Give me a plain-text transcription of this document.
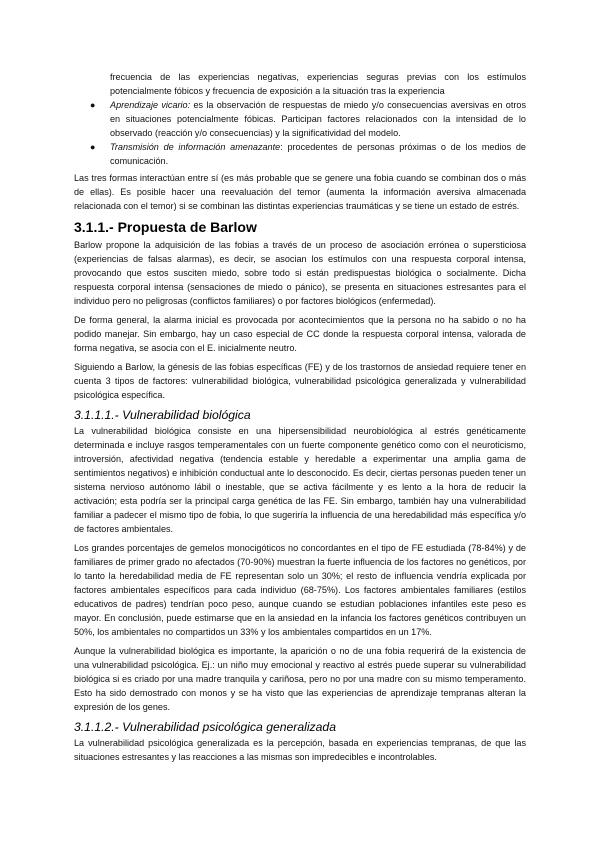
frecuencia de las experiencias negativas, experiencias seguras previas con los estímulos potencialmente fóbicos y frecuencia de exposición a la situación tras la experiencia

● Aprendizaje vicario: es la observación de respuestas de miedo y/o consecuencias aversivas en otros en situaciones potencialmente fóbicas. Participan factores relacionados con la intensidad de lo observado (reacción y/o consecuencias) y la significatividad del modelo.
● Transmisión de información amenazante: procedentes de personas próximas o de los medios de comunicación.

Las tres formas interactúan entre sí (es más probable que se genere una fobia cuando se combinan dos o más de ellas). Es posible hacer una reevaluación del temor (aumenta la información aversiva almacenada relacionada con el temor) si se combinan las distintas experiencias traumáticas y se tiene un estado de estrés.

3.1.1.- Propuesta de Barlow

Barlow propone la adquisición de las fobias a través de un proceso de asociación errónea o supersticiosa (experiencias de falsas alarmas), es decir, se asocian los estímulos con una respuesta corporal intensa, provocando que estos susciten miedo, sobre todo si están predispuestas biológica o socialmente. Dicha respuesta corporal intensa (sensaciones de miedo o pánico), se presenta en situaciones estresantes para el individuo pero no peligrosas (conflictos familiares) o por factores biológicos (enfermedad).

De forma general, la alarma inicial es provocada por acontecimientos que la persona no ha sabido o no ha podido manejar. Sin embargo, hay un caso especial de CC donde la respuesta corporal intensa, valorada de forma negativa, se asocia con el E. inicialmente neutro.

Siguiendo a Barlow, la génesis de las fobias específicas (FE) y de los trastornos de ansiedad requiere tener en cuenta 3 tipos de factores: vulnerabilidad biológica, vulnerabilidad psicológica generalizada y vulnerabilidad psicológica específica.

3.1.1.1.- Vulnerabilidad biológica

La vulnerabilidad biológica consiste en una hipersensibilidad neurobiológica al estrés genéticamente determinada e incluye rasgos temperamentales con un fuerte componente genético como con el neuroticismo, introversión, afectividad negativa (tendencia estable y heredable a experimentar una amplia gama de sentimientos negativos) e inhibición conductual ante lo desconocido. Es decir, ciertas personas pueden tener un sistema nervioso autónomo lábil o inestable, que se activa fácilmente y es lento a la hora de reducir la activación; esta podría ser la principal carga genética de las FE. Sin embargo, también hay una vulnerabilidad familiar a padecer el mismo tipo de fobia, lo que sugeriría la influencia de una heredabilidad más específica y/o de factores ambientales.

Los grandes porcentajes de gemelos monocigóticos no concordantes en el tipo de FE estudiada (78-84%) y de familiares de primer grado no afectados (70-90%) muestran la fuerte influencia de los factores no genéticos, por lo tanto la heredabilidad media de FE representan solo un 30%; el resto de influencia vendría explicada por factores ambientales específicos para cada individuo (68-75%). Los factores ambientales familiares (estilos educativos de padres) tendrían poco peso, aunque cuando se estudian poblaciones infantiles este peso es mayor. En conclusión, puede estimarse que en la ansiedad en la infancia los factores genéticos contribuyen un 50%, los ambientales no compartidos un 33% y los ambientales compartidos en un 17%.

Aunque la vulnerabilidad biológica es importante, la aparición o no de una fobia requerirá de la existencia de una vulnerabilidad psicológica. Ej.: un niño muy emocional y reactivo al estrés puede superar su vulnerabilidad biológica si es criado por una madre tranquila y cariñosa, pero no por una madre con su mismo temperamento. Esto ha sido demostrado con monos y se ha visto que las experiencias de aprendizaje tempranas alteran la expresión de los genes.

3.1.1.2.- Vulnerabilidad psicológica generalizada

La vulnerabilidad psicológica generalizada es la percepción, basada en experiencias tempranas, de que las situaciones estresantes y las reacciones a las mismas son impredecibles e incontrolables.
